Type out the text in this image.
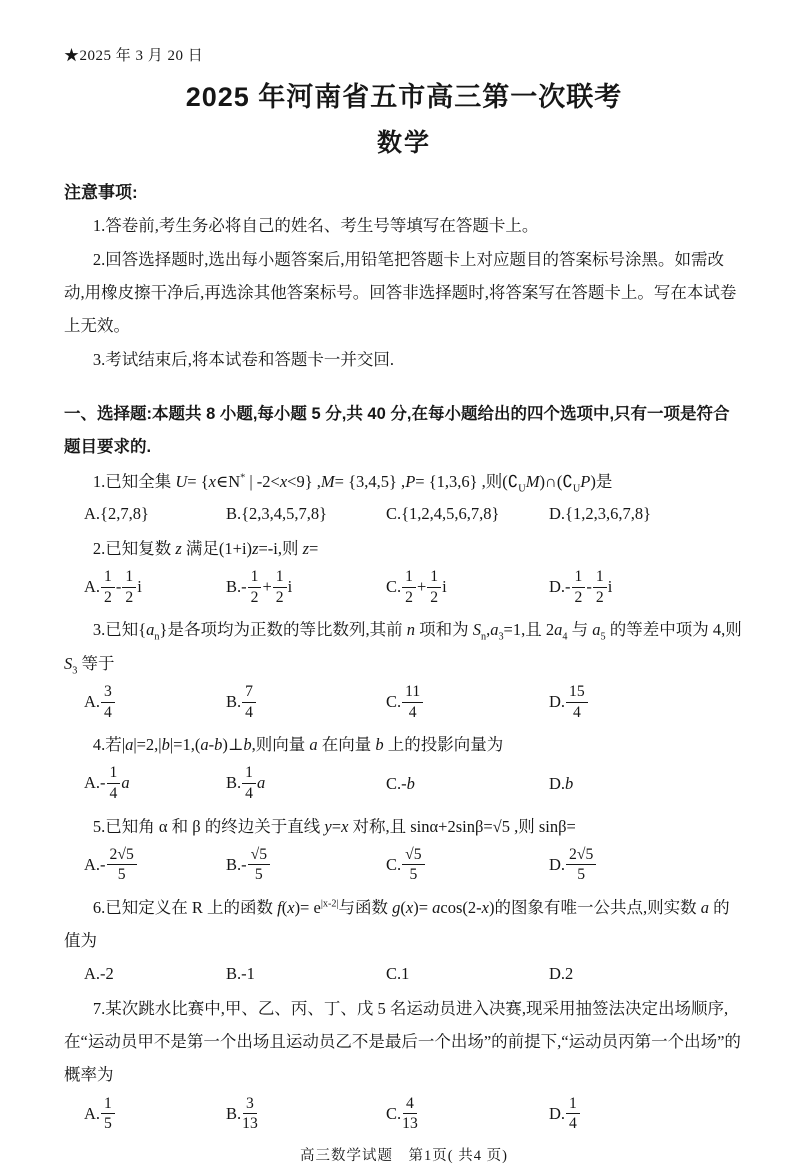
★2025 年 3 月 20 日
2025 年河南省五市高三第一次联考
数学
注意事项:

1.答卷前,考生务必将自己的姓名、考生号等填写在答题卡上。

2.回答选择题时,选出每小题答案后,用铅笔把答题卡上对应题目的答案标号涂黑。如需改动,用橡皮擦干净后,再选涂其他答案标号。回答非选择题时,将答案写在答题卡上。写在本试卷上无效。

3.考试结束后,将本试卷和答题卡一并交回.

一、选择题:本题共 8 小题,每小题 5 分,共 40 分,在每小题给出的四个选项中,只有一项是符合题目要求的.

1.已知全集 U= {x∈N* | -2<x<9} ,M= {3,4,5} ,P= {1,3,6} ,则$(∁_UM)\cap(∁_UP)$是

A.{2,7,8}	B.{2,3,4,5,7,8}	C.{1,2,4,5,6,7,8}	D.{1,2,3,6,7,8}

2.已知复数 z 满足(1+i)z=-i,则 z=

A. $\frac{1}{2} - \frac{1}{2}$ i	$B.- \frac{1}{2} + \frac{1}{2}$ i	C. $\frac{1}{2} + \frac{1}{2}$ i	$D.- \frac{1}{2} - \frac{1}{2}$ i

3.已知$\{a_n\}$是各项均为正数的等比数列,其前 n 项和为 $S_n,a_3=1$,且 $2a_4$ 与 $a_5$ 的等差中项为 4,则 $S_3$ 等于

A. $\frac{3}{4}$	B. $\frac{7}{4}$	C. $\frac{11}{4}$	D. $\frac{15}{4}$

4.若|a|=2,|b|=1,(a-b)⊥b,则向量 a 在向量 b 上的投影向量为

$A.- \frac{1}{4}$ a	B. $\frac{1}{4}$ a	C.-b	D.b

5.已知角 α 和 β 的终边关于直线 y=x 对称,且 sinα+2sinβ=√5 ,则 sinβ=

$A.- \frac{2√5}{5}$	$B.- \frac{√5}{5}$	C. $\frac{√5}{5}$	D. $\frac{2√5}{5}$

6.已知定义在 R 上的函数 $f(x)= e^{|x-2|}$与函数 g(x)= acos(2-x)的图象有唯一公共点,则实数 a 的值为

A.-2	B.-1	C.1	D.2

7.某次跳水比赛中,甲、乙、丙、丁、戊 5 名运动员进入决赛,现采用抽签法决定出场顺序,在“运动员甲不是第一个出场且运动员乙不是最后一个出场”的前提下,“运动员丙第一个出场”的概率为

A. $\frac{1}{5}$	B. $\frac{3}{13}$	C. $\frac{4}{13}$	D. $\frac{1}{4}$
高三数学试题　第1页( 共4 页)
